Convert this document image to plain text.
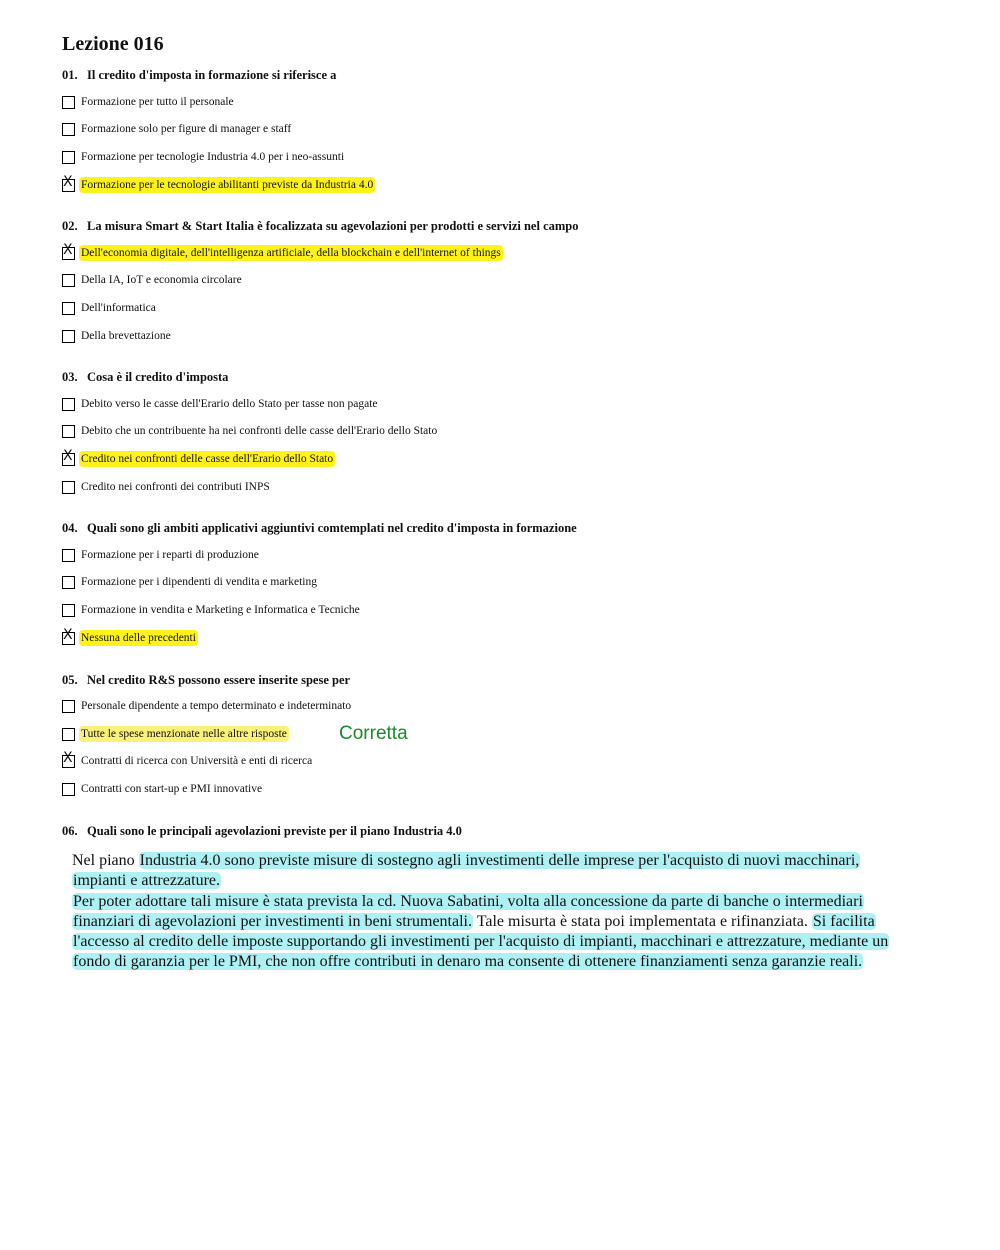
Lezione 016
01. Il credito d'imposta in formazione si riferisce a
Formazione per tutto il personale
Formazione solo per figure di manager e staff
Formazione per tecnologie Industria 4.0 per i neo-assunti
X Formazione per le tecnologie abilitanti previste da Industria 4.0
02. La misura Smart & Start Italia è focalizzata su agevolazioni per prodotti e servizi nel campo
X Dell'economia digitale, dell'intelligenza artificiale, della blockchain e dell'internet of things
Della IA, IoT e economia circolare
Dell'informatica
Della brevettazione
03. Cosa è il credito d'imposta
Debito verso le casse dell'Erario dello Stato per tasse non pagate
Debito che un contribuente ha nei confronti delle casse dell'Erario dello Stato
X Credito nei confronti delle casse dell'Erario dello Stato
Credito nei confronti dei contributi INPS
04. Quali sono gli ambiti applicativi aggiuntivi comtemplati nel credito d'imposta in formazione
Formazione per i reparti di produzione
Formazione per i dipendenti di vendita e marketing
Formazione in vendita e Marketing e Informatica e Tecniche
X Nessuna delle precedenti
05. Nel credito R&S possono essere inserite spese per
Personale dipendente a tempo determinato e indeterminato
Tutte le spese menzionate nelle altre risposte	Corretta
X Contratti di ricerca con Università e enti di ricerca
Contratti con start-up e PMI innovative
06. Quali sono le principali agevolazioni previste per il piano Industria 4.0
Nel piano Industria 4.0 sono previste misure di sostegno agli investimenti delle imprese per l'acquisto di nuovi macchinari, impianti e attrezzature.
Per poter adottare tali misure è stata prevista la cd. Nuova Sabatini, volta alla concessione da parte di banche o intermediari finanziari di agevolazioni per investimenti in beni strumentali. Tale misurta è stata poi implementata e rifinanziata. Si facilita l'accesso al credito delle imposte supportando gli investimenti per l'acquisto di impianti, macchinari e attrezzature, mediante un fondo di garanzia per le PMI, che non offre contributi in denaro ma consente di ottenere finanziamenti senza garanzie reali.
